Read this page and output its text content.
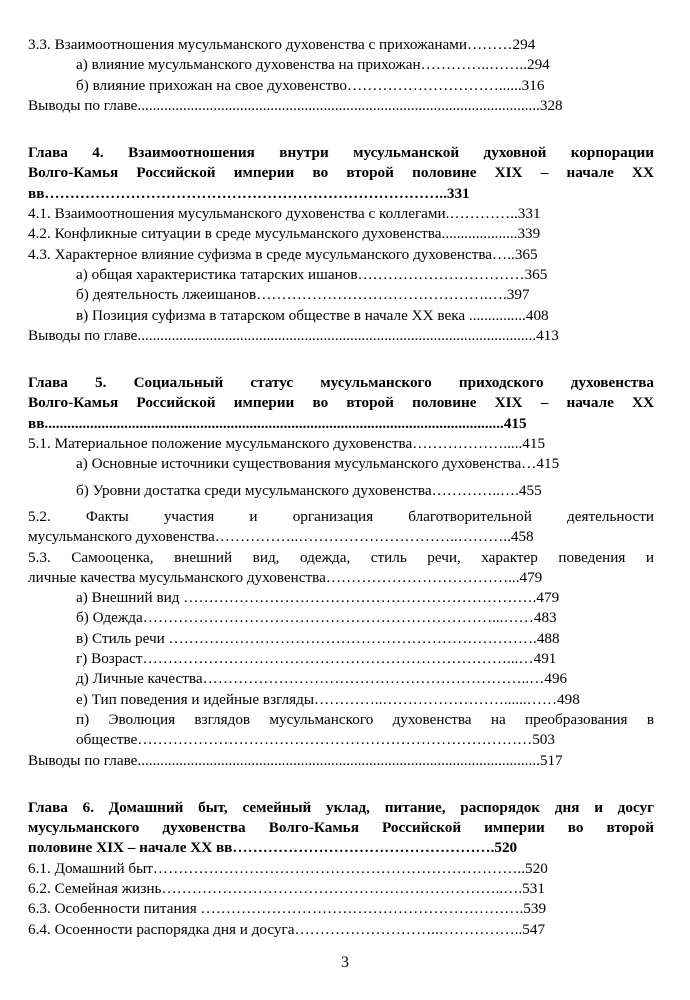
3.3. Взаимоотношения мусульманского духовенства с прихожанами………294
а) влияние мусульманского духовенства на прихожан…………..……..294
б) влияние прихожан на свое духовенство…………………………......316
Выводы по главе..........................................................................................................328
Глава 4. Взаимоотношения внутри мусульманской духовной корпорации
Волго-Камья Российской империи во второй половине XIX – начале XX
вв……………………………………………………………………..331
4.1. Взаимоотношения мусульманского духовенства с коллегами.…………..331
4.2. Конфликные ситуации в среде мусульманского духовенства....................339
4.3. Характерное влияние суфизма в среде мусульманского духовенства…..365
а) общая характеристика татарских ишанов……………………………365
б) деятельность лжеишанов……………………………………….….397
в) Позиция суфизма в татарском обществе в начале ХХ века ...............408
Выводы по главе.........................................................................................................413
Глава 5. Социальный статус мусульманского приходского духовенства
Волго-Камья Российской империи во второй половине XIX – начале XX
вв.........................................................................................................................415
5.1. Материальное положение мусульманского духовенства……………….....415
а) Основные источники существования мусульманского духовенства…415
б) Уровни достатка среди мусульманского духовенства…………..….455
5.2. Факты участия и организация благотворительной деятельности
мусульманского духовенства……………..…………………………..………..458
5.3. Самооценка, внешний вид, одежда, стиль речи, характер поведения и
личные качества мусульманского духовенства………………………………...479
а) Внешний вид …………………………………………………………….479
б) Одежда……………………………………………………………...……483
в) Стиль речи ……………………………………………………………….488
г) Возраст………………………………………………………………...…491
д) Личные качества………………………………………………………..…496
е) Тип поведения и идейные взгляды…………..……………………......……498
п) Эволюция взглядов мусульманского духовенства на преобразования в
обществе……………………………………………………………………503
Выводы по главе..........................................................................................................517
Глава 6. Домашний быт, семейный уклад, питание, распорядок дня и досуг
мусульманского духовенства Волго-Камья Российской империи во второй
половине XIX – начале XX вв…………………………………………….520
6.1. Домашний быт………………………………………………………………..520
6.2. Семейная жизнь…………………………………………………………..….531
6.3. Особенности питания ……………………………………………………….539
6.4. Осоенности распорядка дня и досуга………………………..……………..547
3
